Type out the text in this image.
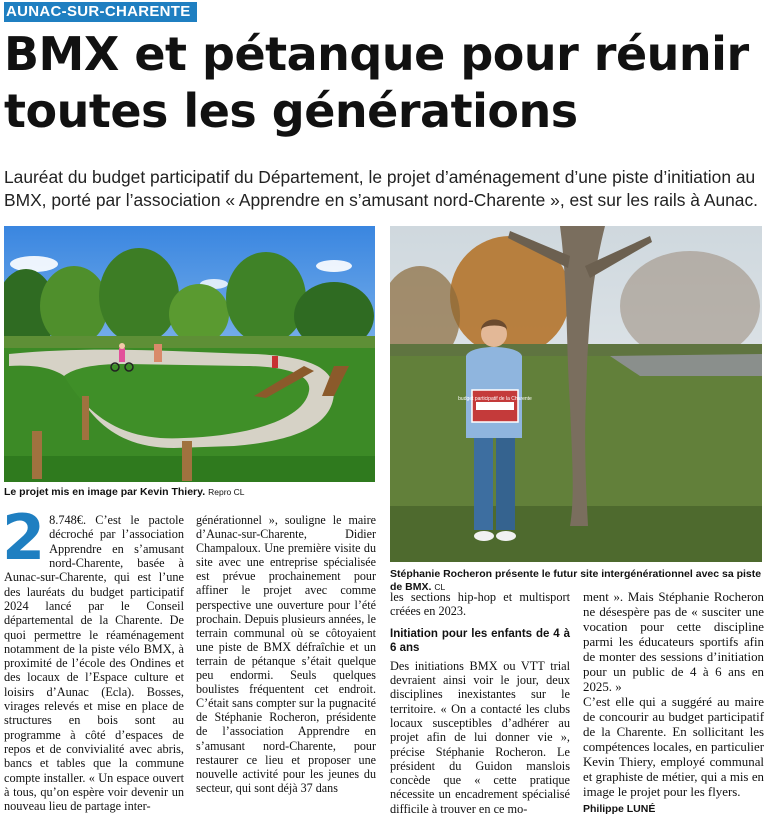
AUNAC-SUR-CHARENTE
BMX et pétanque pour réunir toutes les générations

Lauréat du budget participatif du Département, le projet d’aménagement d’une piste d’initiation au BMX, porté par l’association « Apprendre en s’amusant nord-Charente », est sur les rails à Aunac.

Le projet mis en image par Kevin Thiery. Repro CL
budget participatif de la Charente
Stéphanie Rocheron présente le futur site intergénérationnel avec sa piste de BMX. CL
2 8.748€. C’est le pactole décroché par l’association Apprendre en s’amusant nord-Charente, basée à Aunac-sur-Charente, qui est l’une des lauréats du budget participatif 2024 lancé par le Conseil départemental de la Charente. De quoi permettre le réaménagement notamment de la piste vélo BMX, à proximité de l’école des Ondines et des locaux de l’Espace culture et loisirs d’Aunac (Ecla). Bosses, virages relevés et mise en place de structures en bois sont au programme à côté d’espaces de repos et de convivialité avec abris, bancs et tables que la commune compte installer. « Un espace ouvert à tous, qu’on espère voir devenir un nouveau lieu de partage inter-

générationnel », souligne le maire d’Aunac-sur-Charente, Didier Champaloux. Une première visite du site avec une entreprise spécialisée est prévue prochainement pour affiner le projet avec comme perspective une ouverture pour l’été prochain. Depuis plusieurs années, le terrain communal où se côtoyaient une piste de BMX défraîchie et un terrain de pétanque s’était quelque peu endormi. Seuls quelques boulistes fréquentent cet endroit. C’était sans compter sur la pugnacité de Stéphanie Rocheron, présidente de l’association Apprendre en s’amusant nord-Charente, pour restaurer ce lieu et proposer une nouvelle activité pour les jeunes du secteur, qui sont déjà 37 dans

les sections hip-hop et multisport créées en 2023.

Initiation pour les enfants de 4 à 6 ans

Des initiations BMX ou VTT trial devraient ainsi voir le jour, deux disciplines inexistantes sur le territoire. « On a contacté les clubs locaux susceptibles d’adhérer au projet afin de lui donner vie », précise Stéphanie Rocheron. Le président du Guidon manslois concède que « cette pratique nécessite un encadrement spécialisé difficile à trouver en ce mo-

ment ». Mais Stéphanie Rocheron ne désespère pas de « susciter une vocation pour cette discipline parmi les éducateurs sportifs afin de monter des sessions d’initiation pour un public de 4 à 6 ans en 2025. »

C’est elle qui a suggéré au maire de concourir au budget participatif de la Charente. En sollicitant les compétences locales, en particulier Kevin Thiery, employé communal et graphiste de métier, qui a mis en image le projet pour les flyers.

Philippe LUNÉ
